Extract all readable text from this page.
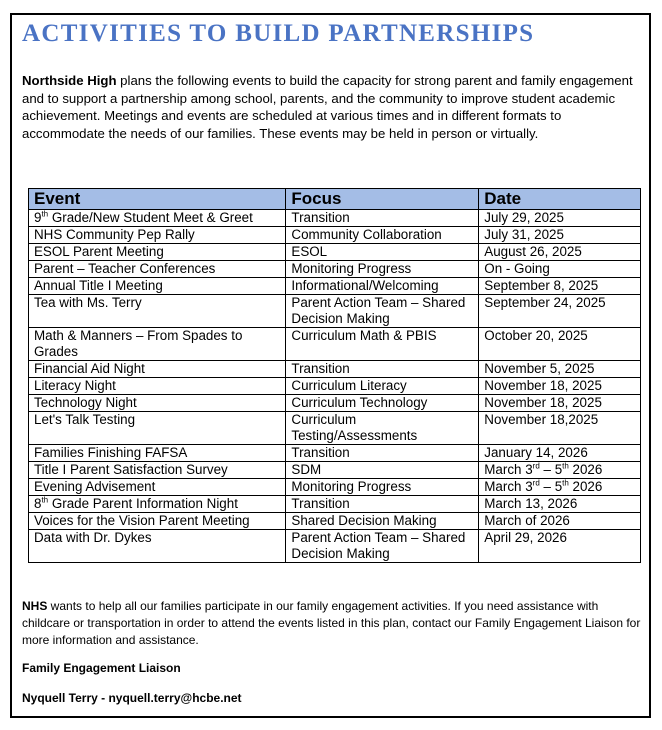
ACTIVITIES TO BUILD PARTNERSHIPS

Northside High plans the following events to build the capacity for strong parent and family engagement and to support a partnership among school, parents, and the community to improve student academic achievement. Meetings and events are scheduled at various times and in different formats to accommodate the needs of our families. These events may be held in person or virtually.

Event	Focus	Date
9th Grade/New Student Meet & Greet	Transition	July 29, 2025
NHS Community Pep Rally	Community Collaboration	July 31, 2025
ESOL Parent Meeting	ESOL	August 26, 2025
Parent – Teacher Conferences	Monitoring Progress	On - Going
Annual Title I Meeting	Informational/Welcoming	September 8, 2025
Tea with Ms. Terry	Parent Action Team – Shared Decision Making	September 24, 2025
Math & Manners – From Spades to Grades	Curriculum Math & PBIS	October 20, 2025
Financial Aid Night	Transition	November 5, 2025
Literacy Night	Curriculum Literacy	November 18, 2025
Technology Night	Curriculum Technology	November 18, 2025
Let's Talk Testing	Curriculum Testing/Assessments	November 18,2025
Families Finishing FAFSA	Transition	January 14, 2026
Title I Parent Satisfaction Survey	SDM	March 3rd – 5th 2026
Evening Advisement	Monitoring Progress	March 3rd – 5th 2026
8th Grade Parent Information Night	Transition	March 13, 2026
Voices for the Vision Parent Meeting	Shared Decision Making	March of 2026
Data with Dr. Dykes	Parent Action Team – Shared Decision Making	April 29, 2026

NHS wants to help all our families participate in our family engagement activities. If you need assistance with childcare or transportation in order to attend the events listed in this plan, contact our Family Engagement Liaison for more information and assistance.

Family Engagement Liaison
Nyquell Terry - nyquell.terry@hcbe.net
